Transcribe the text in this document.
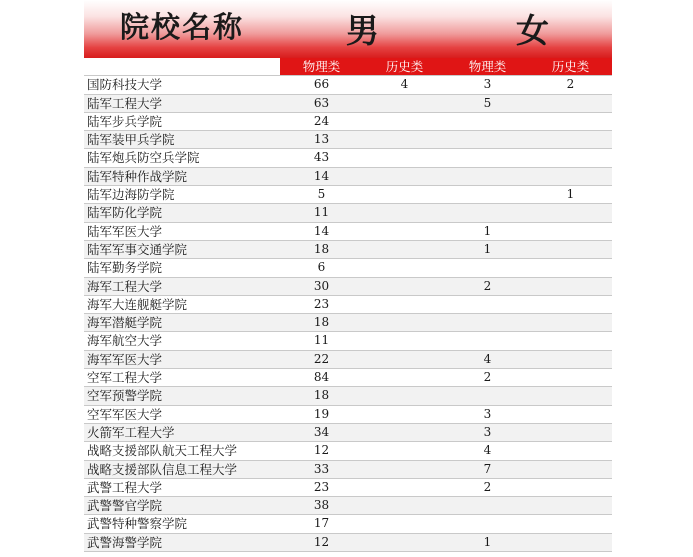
院校名称	男	女
	物理类	历史类	物理类	历史类
国防科技大学	66	4	3	2
陆军工程大学	63		5	
陆军步兵学院	24			
陆军装甲兵学院	13			
陆军炮兵防空兵学院	43			
陆军特种作战学院	14			
陆军边海防学院	5			1
陆军防化学院	11			
陆军军医大学	14		1	
陆军军事交通学院	18		1	
陆军勤务学院	6			
海军工程大学	30		2	
海军大连舰艇学院	23			
海军潜艇学院	18			
海军航空大学	11			
海军军医大学	22		4	
空军工程大学	84		2	
空军预警学院	18			
空军军医大学	19		3	
火箭军工程大学	34		3	
战略支援部队航天工程大学	12		4	
战略支援部队信息工程大学	33		7	
武警工程大学	23		2	
武警警官学院	38			
武警特种警察学院	17			
武警海警学院	12		1	
